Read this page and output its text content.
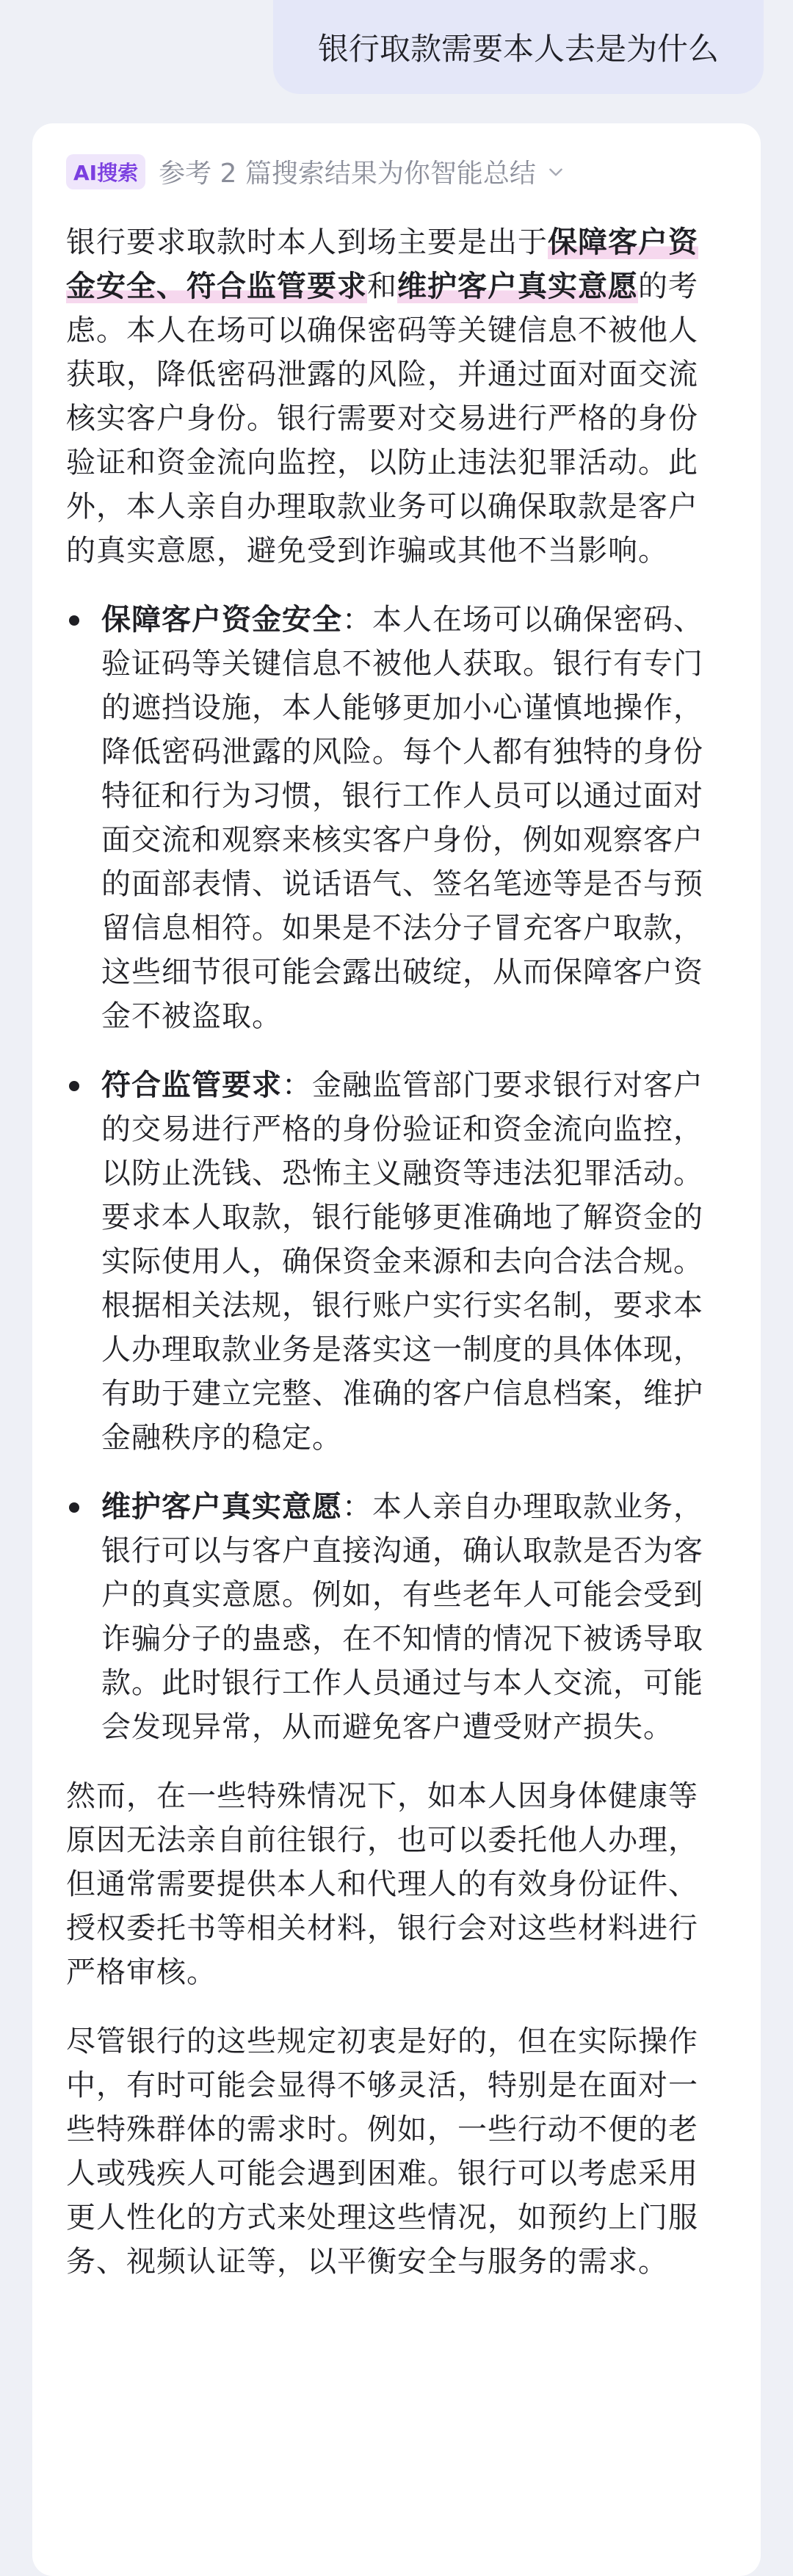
银行取款需要本人去是为什么
AI搜索 参考 2 篇搜索结果为你智能总结

银行要求取款时本人到场主要是出于保障客户资金安全、符合监管要求和维护客户真实意愿的考虑。本人在场可以确保密码等关键信息不被他人获取，降低密码泄露的风险，并通过面对面交流核实客户身份。银行需要对交易进行严格的身份验证和资金流向监控，以防止违法犯罪活动。此外，本人亲自办理取款业务可以确保取款是客户的真实意愿，避免受到诈骗或其他不当影响。

保障客户资金安全：本人在场可以确保密码、验证码等关键信息不被他人获取。银行有专门的遮挡设施，本人能够更加小心谨慎地操作，降低密码泄露的风险。每个人都有独特的身份特征和行为习惯，银行工作人员可以通过面对面交流和观察来核实客户身份，例如观察客户的面部表情、说话语气、签名笔迹等是否与预留信息相符。如果是不法分子冒充客户取款，这些细节很可能会露出破绽，从而保障客户资金不被盗取。
符合监管要求：金融监管部门要求银行对客户的交易进行严格的身份验证和资金流向监控，以防止洗钱、恐怖主义融资等违法犯罪活动。要求本人取款，银行能够更准确地了解资金的实际使用人，确保资金来源和去向合法合规。根据相关法规，银行账户实行实名制，要求本人办理取款业务是落实这一制度的具体体现，有助于建立完整、准确的客户信息档案，维护金融秩序的稳定。
维护客户真实意愿：本人亲自办理取款业务，银行可以与客户直接沟通，确认取款是否为客户的真实意愿。例如，有些老年人可能会受到诈骗分子的蛊惑，在不知情的情况下被诱导取款。此时银行工作人员通过与本人交流，可能会发现异常，从而避免客户遭受财产损失。

然而，在一些特殊情况下，如本人因身体健康等原因无法亲自前往银行，也可以委托他人办理，但通常需要提供本人和代理人的有效身份证件、授权委托书等相关材料，银行会对这些材料进行严格审核。

尽管银行的这些规定初衷是好的，但在实际操作中，有时可能会显得不够灵活，特别是在面对一些特殊群体的需求时。例如，一些行动不便的老人或残疾人可能会遇到困难。银行可以考虑采用更人性化的方式来处理这些情况，如预约上门服务、视频认证等，以平衡安全与服务的需求。
